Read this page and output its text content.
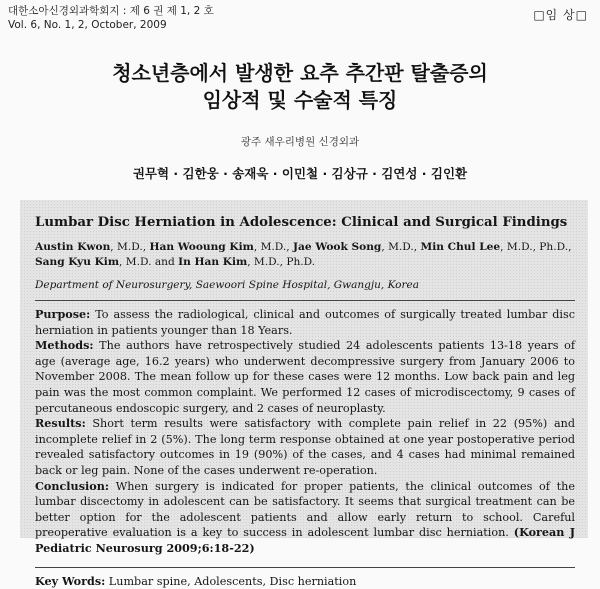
대한소아신경외과학회지 : 제 6 권 제 1, 2 호
Vol. 6, No. 1, 2, October, 2009
□임 상□
청소년층에서 발생한 요추 추간판 탈출증의
임상적 및 수술적 특징
광주 새우리병원 신경외과
권무혁 · 김한웅 · 송재욱 · 이민철 · 김상규 · 김연성 · 김인환
Lumbar Disc Herniation in Adolescence: Clinical and Surgical Findings
Austin Kwon, M.D., Han Wooung Kim, M.D., Jae Wook Song, M.D., Min Chul Lee, M.D., Ph.D., Sang Kyu Kim, M.D. and In Han Kim, M.D., Ph.D.
Department of Neurosurgery, Saewoori Spine Hospital, Gwangju, Korea
Purpose: To assess the radiological, clinical and outcomes of surgically treated lumbar disc herniation in patients younger than 18 Years.
Methods: The authors have retrospectively studied 24 adolescents patients 13-18 years of age (average age, 16.2 years) who underwent decompressive surgery from January 2006 to November 2008. The mean follow up for these cases were 12 months. Low back pain and leg pain was the most common complaint. We performed 12 cases of microdiscectomy, 9 cases of percutaneous endoscopic surgery, and 2 cases of neuroplasty.
Results: Short term results were satisfactory with complete pain relief in 22 (95%) and incomplete relief in 2 (5%). The long term response obtained at one year postoperative period revealed satisfactory outcomes in 19 (90%) of the cases, and 4 cases had minimal remained back or leg pain. None of the cases underwent re-operation.
Conclusion: When surgery is indicated for proper patients, the clinical outcomes of the lumbar discectomy in adolescent can be satisfactory. It seems that surgical treatment can be better option for the adolescent patients and allow early return to school. Careful preoperative evaluation is a key to success in adolescent lumbar disc herniation. (Korean J Pediatric Neurosurg 2009;6:18-22)
Key Words: Lumbar spine, Adolescents, Disc herniation
